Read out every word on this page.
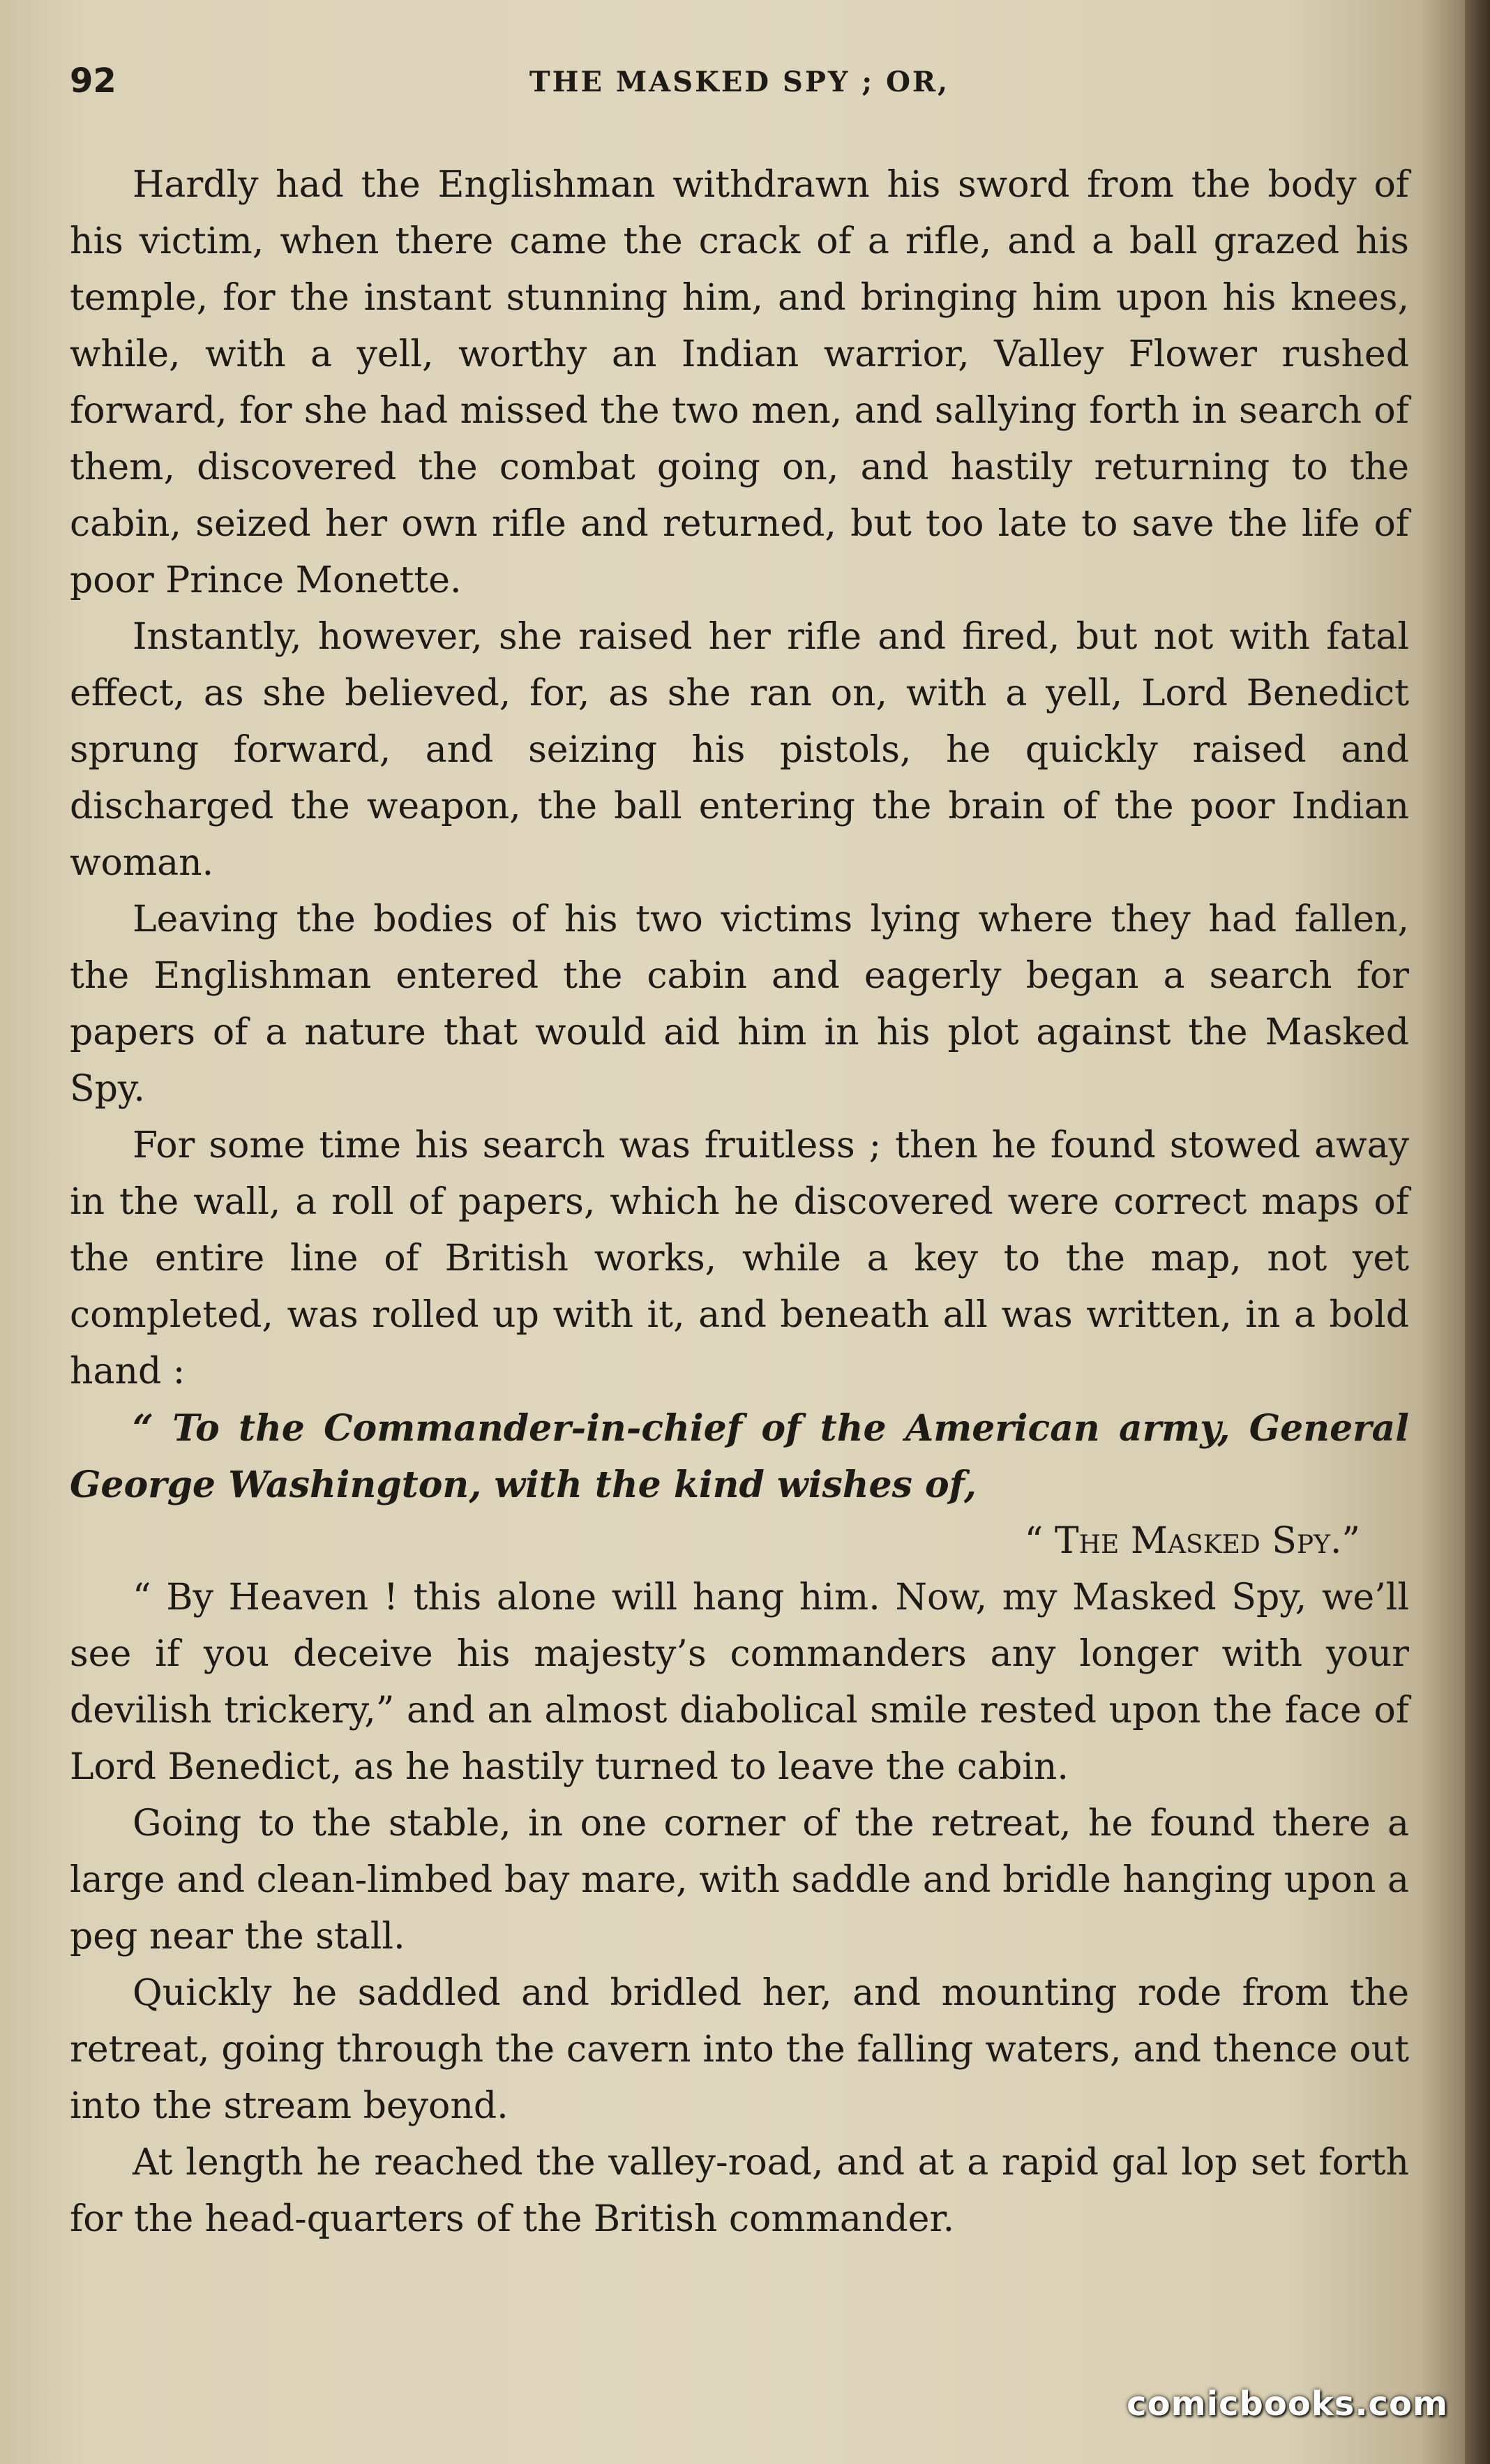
92	THE MASKED SPY ; OR,

Hardly had the Englishman withdrawn his sword from the body of his victim, when there came the crack of a rifle, and a ball grazed his temple, for the instant stunning him, and bringing him upon his knees, while, with a yell, worthy an Indian warrior, Valley Flower rushed forward, for she had missed the two men, and sallying forth in search of them, discovered the combat going on, and hastily returning to the cabin, seized her own rifle and returned, but too late to save the life of poor Prince Monette.

Instantly, however, she raised her rifle and fired, but not with fatal effect, as she believed, for, as she ran on, with a yell, Lord Benedict sprung forward, and seizing his pistols, he quickly raised and discharged the weapon, the ball entering the brain of the poor Indian woman.

Leaving the bodies of his two victims lying where they had fallen, the Englishman entered the cabin and eagerly began a search for papers of a nature that would aid him in his plot against the Masked Spy.

For some time his search was fruitless ; then he found stowed away in the wall, a roll of papers, which he discovered were correct maps of the entire line of British works, while a key to the map, not yet completed, was rolled up with it, and beneath all was written, in a bold hand :

“ To the Commander-in-chief of the American army, General George Washington, with the kind wishes of,

“ The Masked Spy.”

“ By Heaven ! this alone will hang him. Now, my Masked Spy, we’ll see if you deceive his majesty’s commanders any longer with your devilish trickery,” and an almost diabolical smile rested upon the face of Lord Benedict, as he hastily turned to leave the cabin.

Going to the stable, in one corner of the retreat, he found there a large and clean-limbed bay mare, with saddle and bridle hanging upon a peg near the stall.

Quickly he saddled and bridled her, and mounting rode from the retreat, going through the cavern into the falling waters, and thence out into the stream beyond.

At length he reached the valley-road, and at a rapid gal lop set forth for the head-quarters of the British commander.

comicbooks.com
